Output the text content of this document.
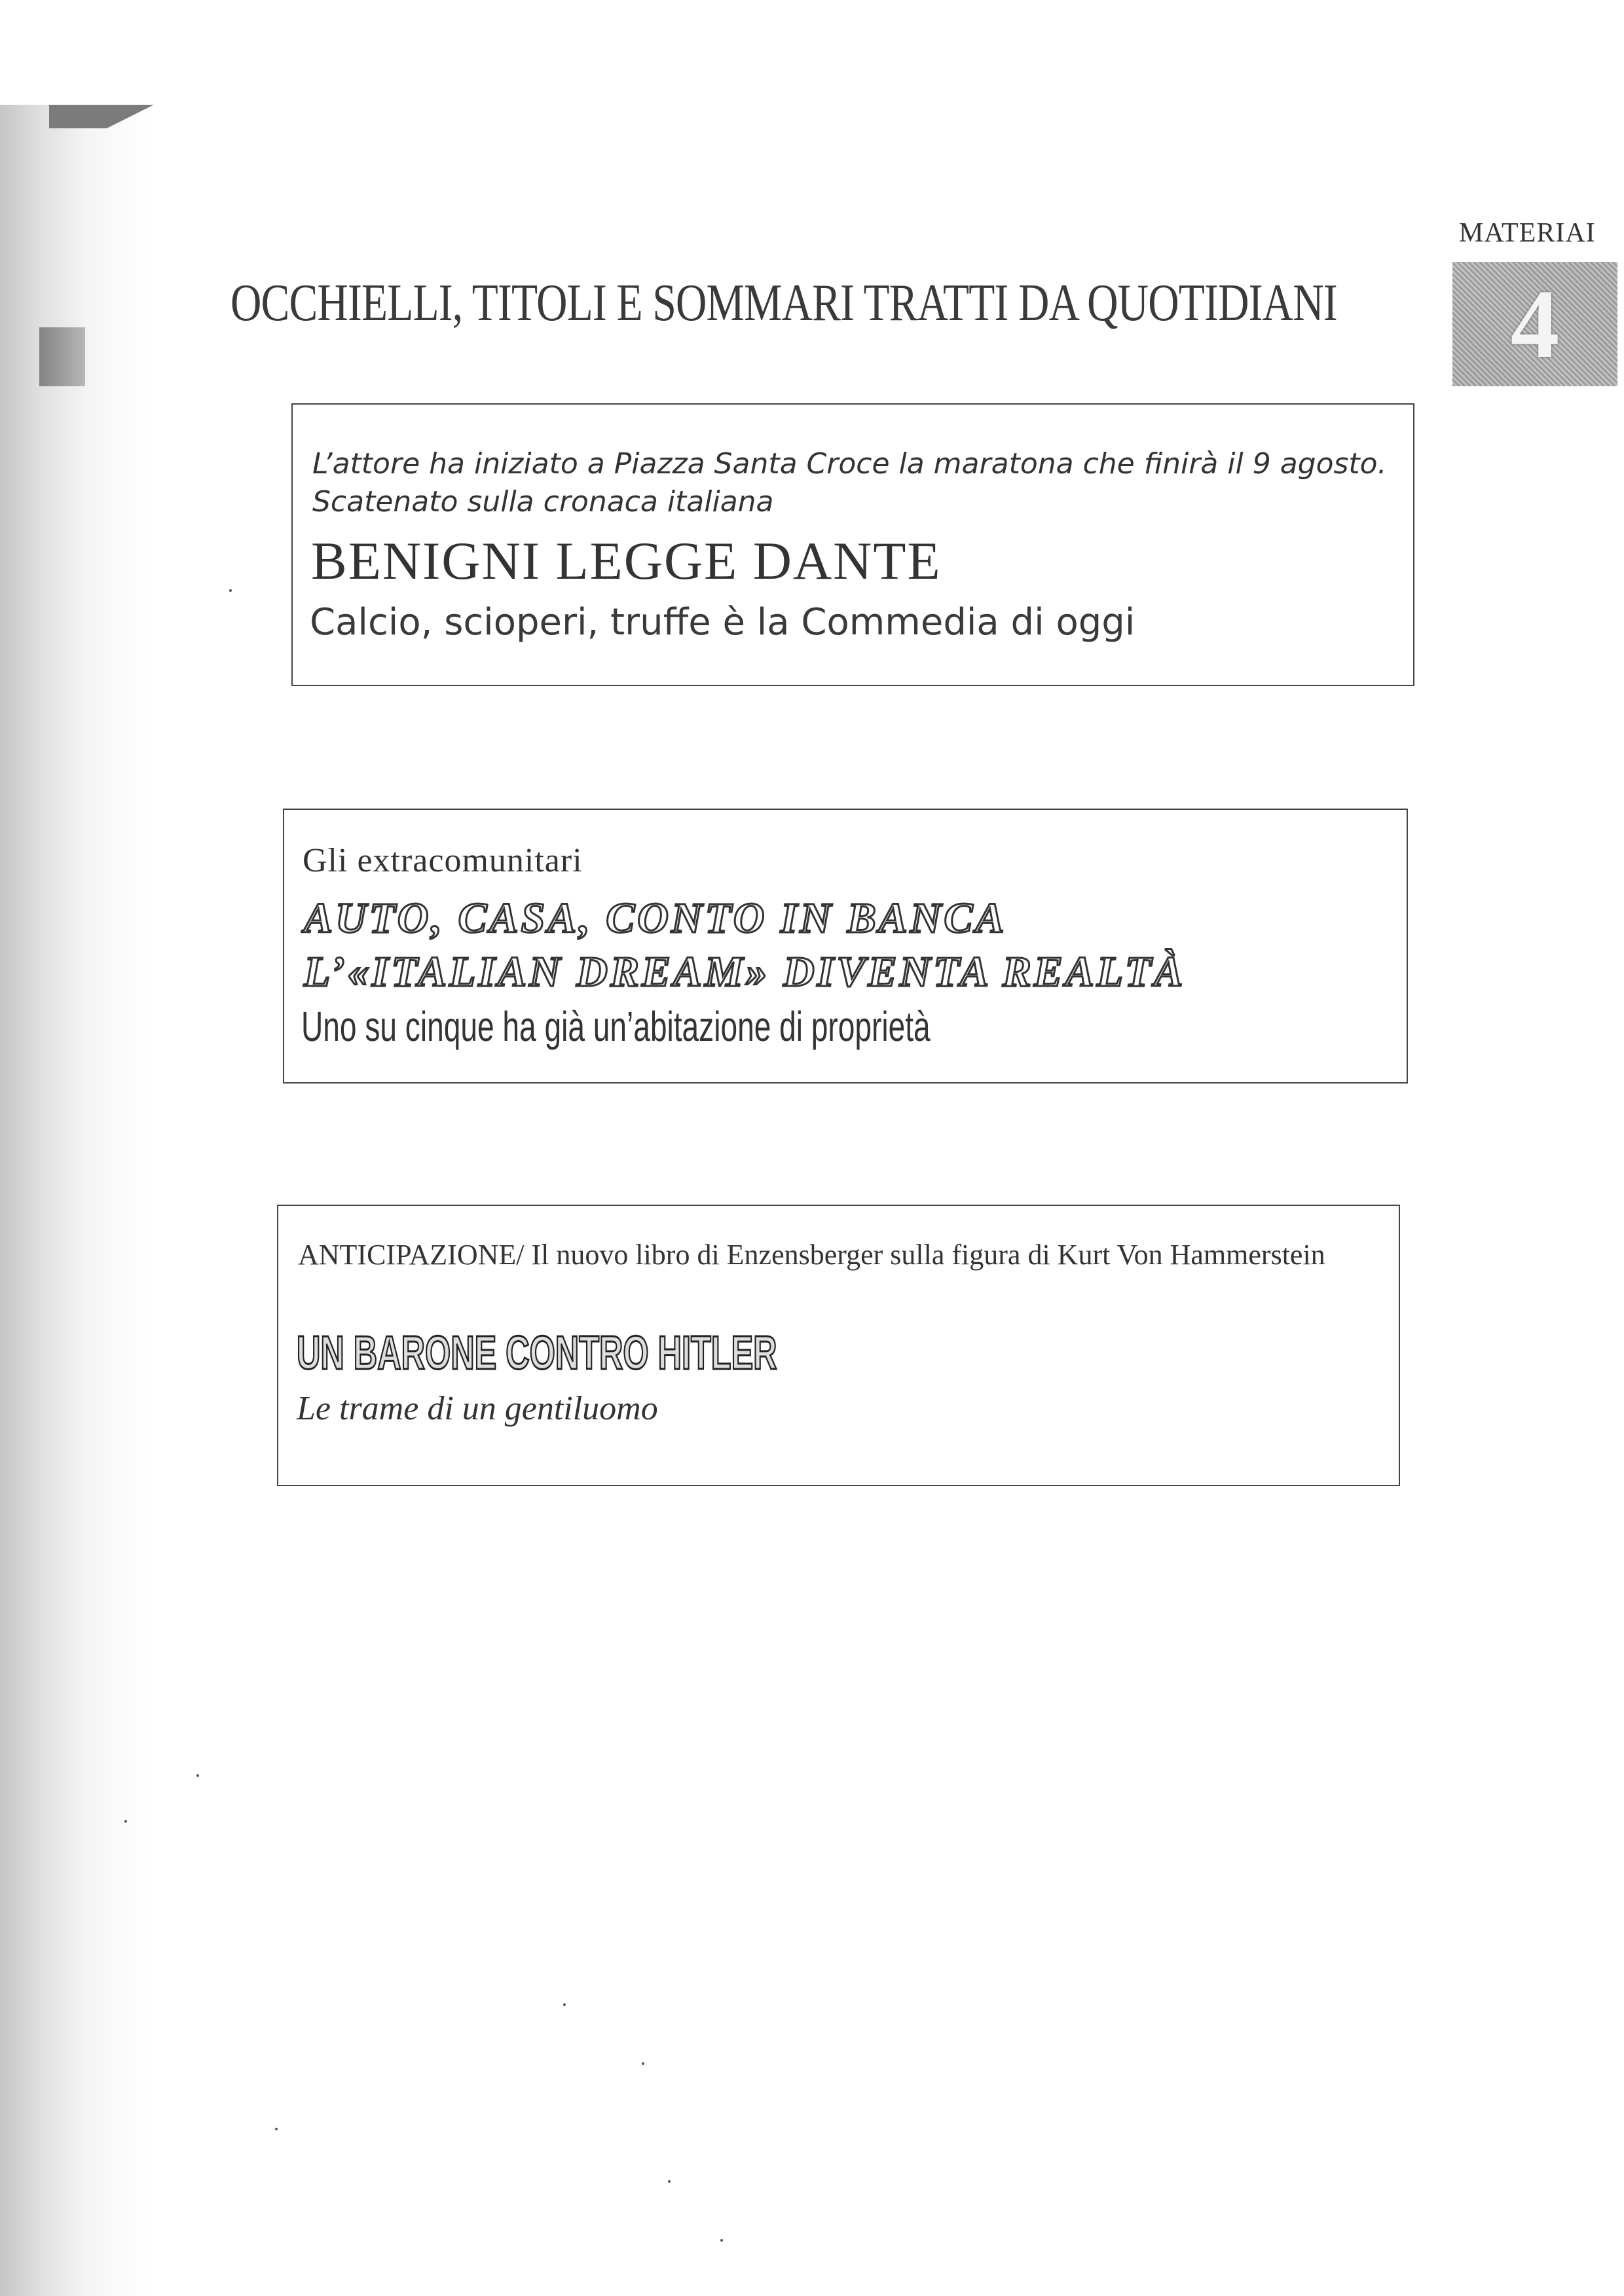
MATERIAI
4
OCCHIELLI, TITOLI E SOMMARI TRATTI DA QUOTIDIANI
L’attore ha iniziato a Piazza Santa Croce la maratona che finirà il 9 agosto. Scatenato sulla cronaca italiana
BENIGNI LEGGE DANTE
Calcio, scioperi, truffe è la Commedia di oggi
Gli extracomunitari
AUTO, CASA, CONTO IN BANCA
L’«ITALIAN DREAM» DIVENTA REALTÀ
Uno su cinque ha già un’abitazione di proprietà
ANTICIPAZIONE/ Il nuovo libro di Enzensberger sulla figura di Kurt Von Hammerstein
UN BARONE CONTRO HITLER
Le trame di un gentiluomo
